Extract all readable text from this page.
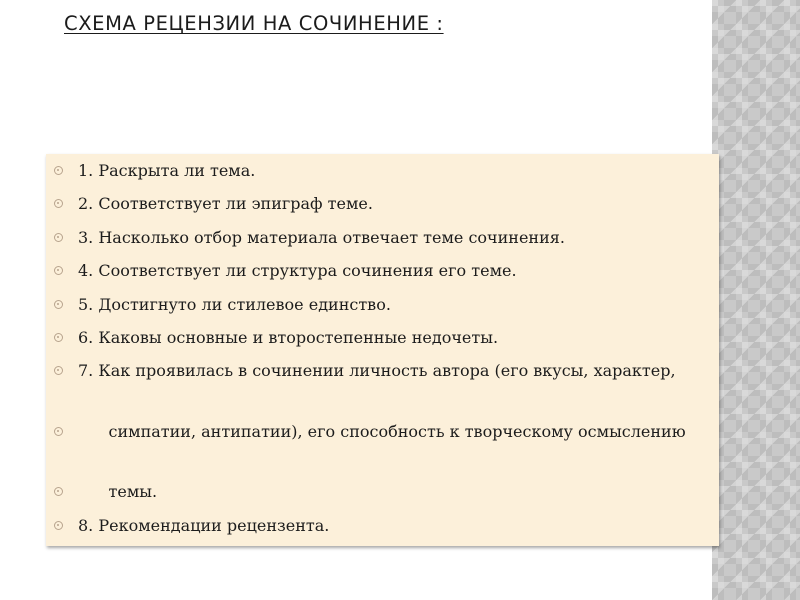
СХЕМА РЕЦЕНЗИИ НА СОЧИНЕНИЕ :
1. Раскрыта ли тема.
2. Соответствует ли эпиграф теме.
3. Насколько отбор материала отвечает теме сочинения.
4. Соответствует ли структура сочинения его теме.
5. Достигнуто ли стилевое единство.
6. Каковы основные и второстепенные недочеты.
7. Как проявилась в сочинении личность автора (его вкусы, характер,
симпатии, антипатии), его способность к творческому осмыслению
темы.
8. Рекомендации рецензента.
